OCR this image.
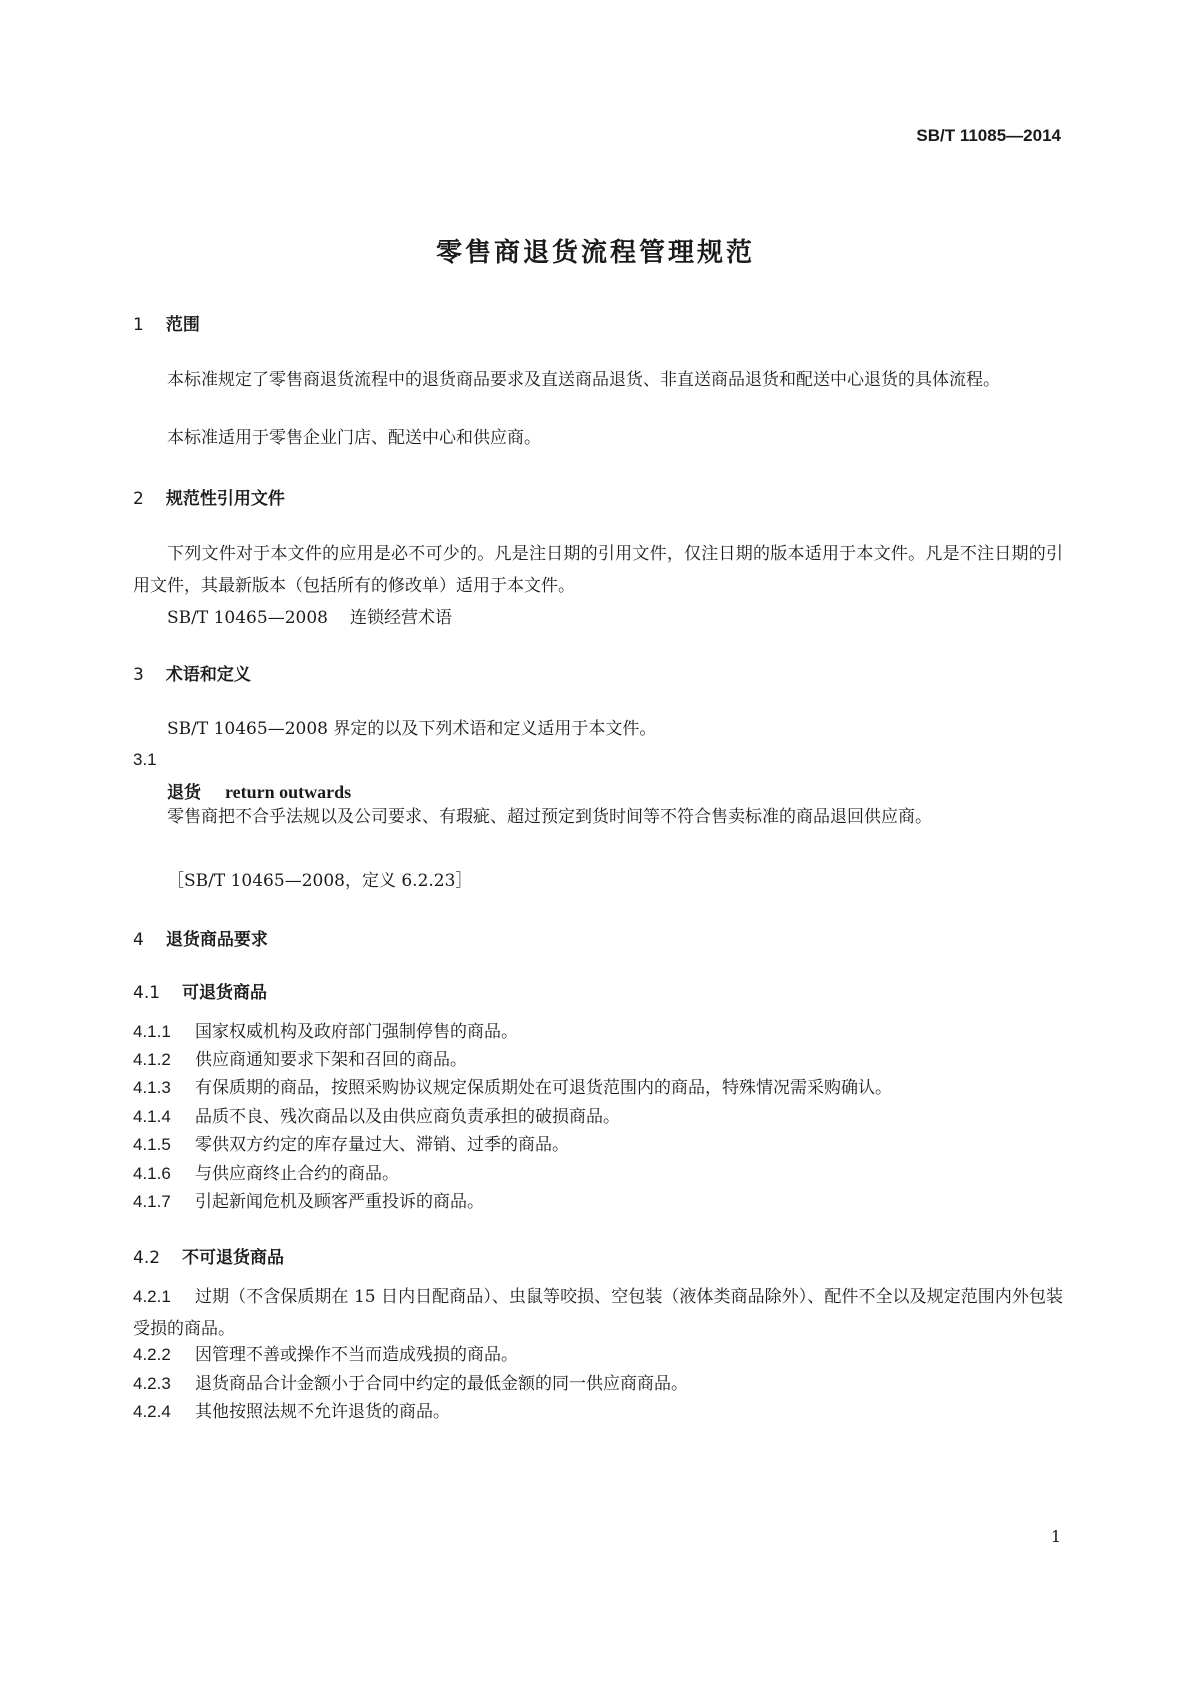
SB/T 11085—2014
零售商退货流程管理规范
1 范围

本标准规定了零售商退货流程中的退货商品要求及直送商品退货、非直送商品退货和配送中心退货的具体流程。

本标准适用于零售企业门店、配送中心和供应商。

2 规范性引用文件

下列文件对于本文件的应用是必不可少的。凡是注日期的引用文件，仅注日期的版本适用于本文件。凡是不注日期的引用文件，其最新版本（包括所有的修改单）适用于本文件。

SB/T 10465—2008 连锁经营术语
3 术语和定义

SB/T 10465—2008 界定的以及下列术语和定义适用于本文件。

3.1
退货 return outwards

零售商把不合乎法规以及公司要求、有瑕疵、超过预定到货时间等不符合售卖标准的商品退回供应商。

［SB/T 10465—2008，定义 6.2.23］
4 退货商品要求
4.1 可退货商品

4.1.1 国家权威机构及政府部门强制停售的商品。

4.1.2 供应商通知要求下架和召回的商品。

4.1.3 有保质期的商品，按照采购协议规定保质期处在可退货范围内的商品，特殊情况需采购确认。

4.1.4 品质不良、残次商品以及由供应商负责承担的破损商品。

4.1.5 零供双方约定的库存量过大、滞销、过季的商品。

4.1.6 与供应商终止合约的商品。

4.1.7 引起新闻危机及顾客严重投诉的商品。

4.2 不可退货商品

4.2.1 过期（不含保质期在 15 日内日配商品）、虫鼠等咬损、空包装（液体类商品除外）、配件不全以及规定范围内外包装受损的商品。

4.2.2 因管理不善或操作不当而造成残损的商品。

4.2.3 退货商品合计金额小于合同中约定的最低金额的同一供应商商品。

4.2.4 其他按照法规不允许退货的商品。

1
